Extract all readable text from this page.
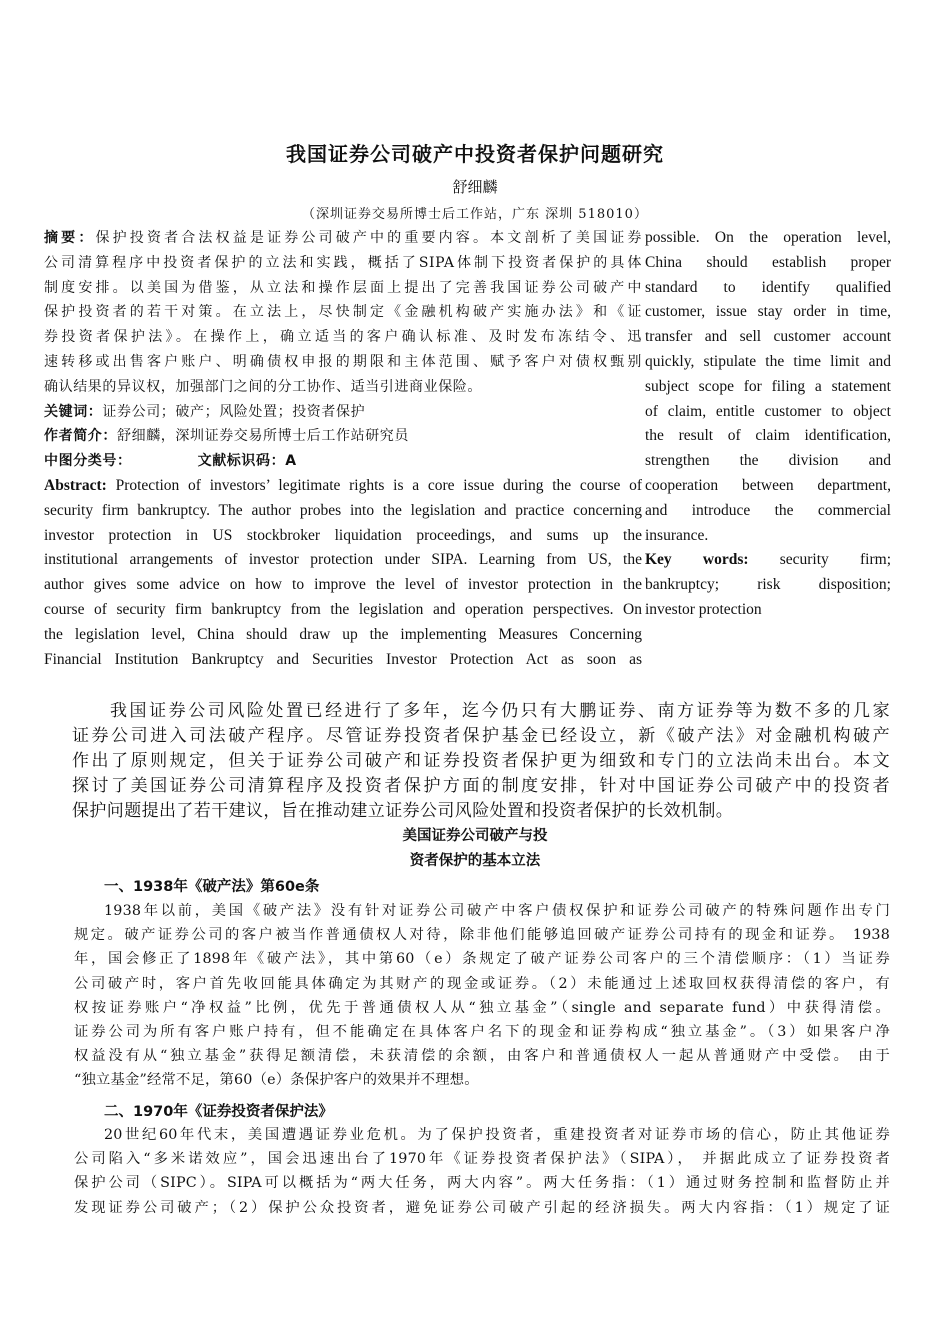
我国证券公司破产中投资者保护问题研究
舒细麟
（深圳证券交易所博士后工作站，广东 深圳 518010）
摘要：保护投资者合法权益是证券公司破产中的重要内容。本文剖析了美国证券
公司清算程序中投资者保护的立法和实践，概括了SIPA体制下投资者保护的具体
制度安排。以美国为借鉴，从立法和操作层面上提出了完善我国证券公司破产中
保护投资者的若干对策。在立法上，尽快制定《金融机构破产实施办法》和《证
券投资者保护法》。在操作上，确立适当的客户确认标准、及时发布冻结令、迅
速转移或出售客户账户、明确债权申报的期限和主体范围、赋予客户对债权甄别
确认结果的异议权，加强部门之间的分工协作、适当引进商业保险。
关键词：证券公司；破产；风险处置；投资者保护
作者简介：舒细麟，深圳证券交易所博士后工作站研究员
中图分类号：	文献标识码：A
Abstract: Protection of investors’ legitimate rights is a core issue during the course of
security firm bankruptcy. The author probes into the legislation and practice concerning
investor protection in US stockbroker liquidation proceedings, and sums up the
institutional arrangements of investor protection under SIPA. Learning from US, the
author gives some advice on how to improve the level of investor protection in the
course of security firm bankruptcy from the legislation and operation perspectives. On
the legislation level, China should draw up the implementing Measures Concerning
Financial Institution Bankruptcy and Securities Investor Protection Act as soon as
possible. On the operation level,
China should establish proper
standard to identify qualified
customer, issue stay order in time,
transfer and sell customer account
quickly, stipulate the time limit and
subject scope for filing a statement
of claim, entitle customer to object
the result of claim identification,
strengthen the division and
cooperation between department,
and introduce the commercial
insurance.
Key words: security firm;
bankruptcy; risk disposition;
investor protection
我国证券公司风险处置已经进行了多年，迄今仍只有大鹏证券、南方证券等为数不多的几家
证券公司进入司法破产程序。尽管证券投资者保护基金已经设立，新《破产法》对金融机构破产
作出了原则规定，但关于证券公司破产和证券投资者保护更为细致和专门的立法尚未出台。本文
探讨了美国证券公司清算程序及投资者保护方面的制度安排，针对中国证券公司破产中的投资者
保护问题提出了若干建议，旨在推动建立证券公司风险处置和投资者保护的长效机制。
美国证券公司破产与投
资者保护的基本立法
一、1938年《破产法》第60e条
1938年以前，美国《破产法》没有针对证券公司破产中客户债权保护和证券公司破产的特殊问题作出专门
规定。破产证券公司的客户被当作普通债权人对待，除非他们能够追回破产证券公司持有的现金和证券。 1938
年，国会修正了1898年《破产法》，其中第60（e）条规定了破产证券公司客户的三个清偿顺序：（1）当证券
公司破产时，客户首先收回能具体确定为其财产的现金或证券。（2）未能通过上述取回权获得清偿的客户，有
权按证券账户“净权益”比例，优先于普通债权人从“独立基金”（single and separate fund）中获得清偿。
证券公司为所有客户账户持有，但不能确定在具体客户名下的现金和证券构成“独立基金”。（3）如果客户净
权益没有从“独立基金”获得足额清偿，未获清偿的余额，由客户和普通债权人一起从普通财产中受偿。 由于
“独立基金”经常不足，第60（e）条保护客户的效果并不理想。
二、1970年《证券投资者保护法》
20世纪60年代末，美国遭遇证券业危机。为了保护投资者，重建投资者对证券市场的信心，防止其他证券
公司陷入“多米诺效应”，国会迅速出台了1970年《证券投资者保护法》（SIPA）， 并据此成立了证券投资者
保护公司（SIPC）。SIPA可以概括为“两大任务，两大内容”。两大任务指：（1）通过财务控制和监督防止并
发现证券公司破产；（2）保护公众投资者，避免证券公司破产引起的经济损失。两大内容指：（1）规定了证
